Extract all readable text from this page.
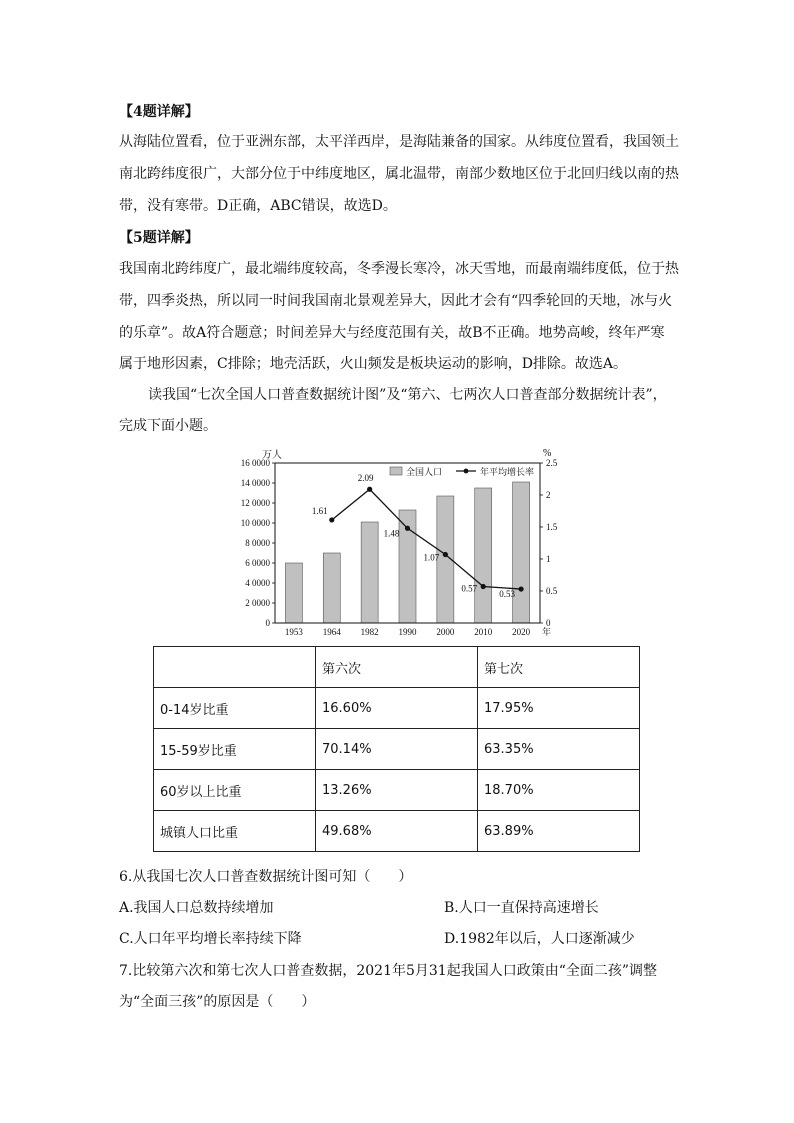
【4题详解】
从海陆位置看，位于亚洲东部，太平洋西岸，是海陆兼备的国家。从纬度位置看，我国领土
南北跨纬度很广，大部分位于中纬度地区，属北温带，南部少数地区位于北回归线以南的热
带，没有寒带。D正确，ABC错误，故选D。
【5题详解】
我国南北跨纬度广，最北端纬度较高，冬季漫长寒冷，冰天雪地，而最南端纬度低，位于热
带，四季炎热，所以同一时间我国南北景观差异大，因此才会有“四季轮回的天地，冰与火
的乐章”。故A符合题意；时间差异大与经度范围有关，故B不正确。地势高峻，终年严寒
属于地形因素，C排除；地壳活跃，火山频发是板块运动的影响，D排除。故选A。
读我国“七次全国人口普查数据统计图”及“第六、七两次人口普查部分数据统计表”，
完成下面小题。
万人	%
0
2 0000
4 0000
6 0000
8 0000
10 0000
12 0000
14 0000
16 0000
0
0.5
1
1.5
2
2.5
1953 1964 1982 1990 2000 2010 2020 年
1.61
2.09
1.48
1.07
0.57
0.53
全国人口	年平均增长率
	第六次	第七次
0-14岁比重	16.60%	17.95%
15-59岁比重	70.14%	63.35%
60岁以上比重	13.26%	18.70%
城镇人口比重	49.68%	63.89%
6.从我国七次人口普查数据统计图可知（　　）
A.我国人口总数持续增加	B.人口一直保持高速增长
C.人口年平均增长率持续下降	D.1982年以后，人口逐渐减少
7.比较第六次和第七次人口普查数据，2021年5月31起我国人口政策由“全面二孩”调整
为“全面三孩”的原因是（　　）
